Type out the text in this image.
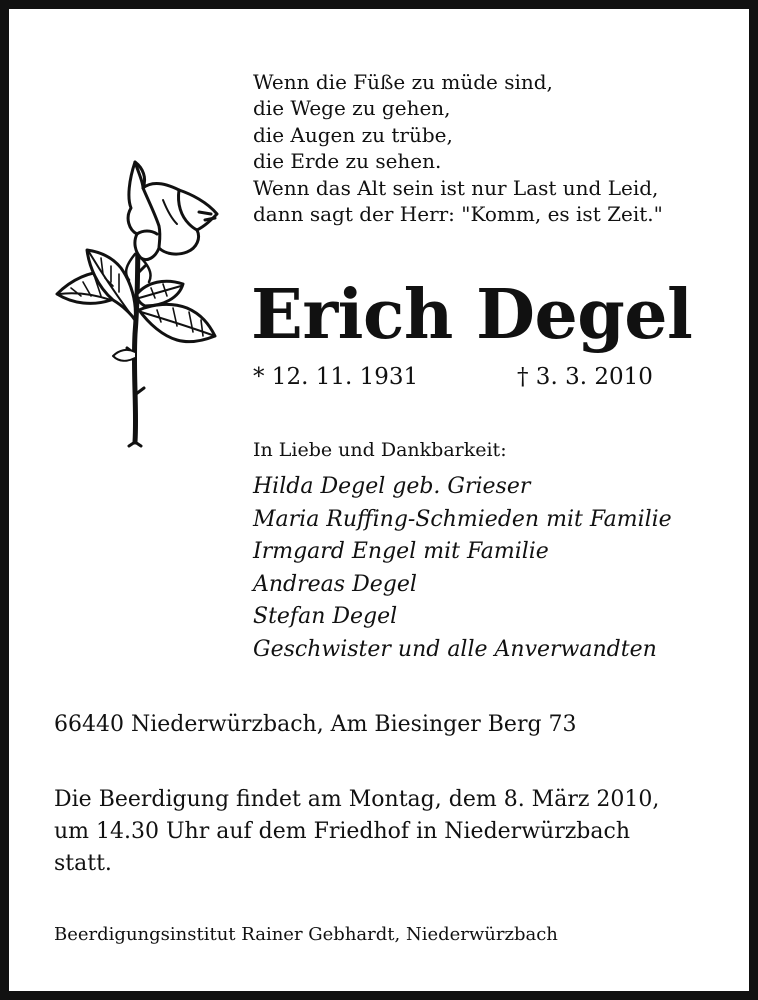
Wenn die Füße zu müde sind,
die Wege zu gehen,
die Augen zu trübe,
die Erde zu sehen.
Wenn das Alt sein ist nur Last und Leid,
dann sagt der Herr: "Komm, es ist Zeit."
Erich Degel
* 12. 11. 1931	† 3. 3. 2010
In Liebe und Dankbarkeit:
Hilda Degel geb. Grieser
Maria Ruffing-Schmieden mit Familie
Irmgard Engel mit Familie
Andreas Degel
Stefan Degel
Geschwister und alle Anverwandten
66440 Niederwürzbach, Am Biesinger Berg 73
Die Beerdigung findet am Montag, dem 8. März 2010,
um 14.30 Uhr auf dem Friedhof in Niederwürzbach
statt.
Beerdigungsinstitut Rainer Gebhardt, Niederwürzbach
